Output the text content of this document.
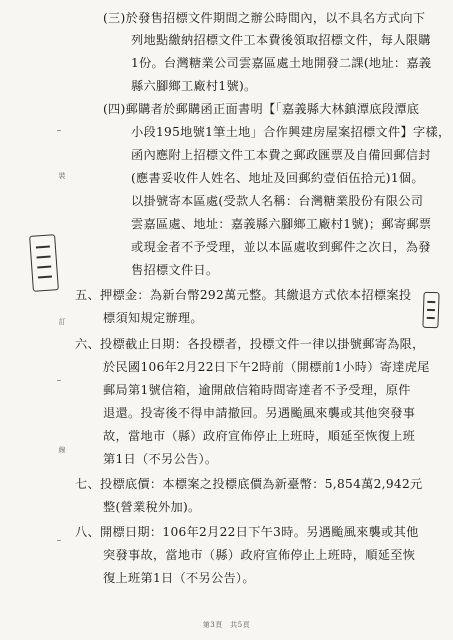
(三)於發售招標文件期間之辦公時間內，以不具名方式向下
列地點繳納招標文件工本費後領取招標文件，每人限購
1份。台灣糖業公司雲嘉區處土地開發二課(地址：嘉義
縣六腳鄉工廠村1號)。
(四)郵購者於郵購函正面書明【「嘉義縣大林鎮潭底段潭底
小段195地號1筆土地」合作興建房屋案招標文件】字樣，
函內應附上招標文件工本費之郵政匯票及自備回郵信封
(應書妥收件人姓名、地址及回郵約壹佰伍拾元)1個。
以掛號寄本區處(受款人名稱：台灣糖業股份有限公司
雲嘉區處、地址：嘉義縣六腳鄉工廠村1號)；郵寄郵票
或現金者不予受理，並以本區處收到郵件之次日，為發
售招標文件日。
五、押標金：為新台幣292萬元整。其繳退方式依本招標案投
標須知規定辦理。
六、投標截止日期：各投標者，投標文件一律以掛號郵寄為限，
於民國106年2月22日下午2時前（開標前1小時）寄達虎尾
郵局第1號信箱，逾開啟信箱時間寄達者不予受理，原件
退還。投寄後不得申請撤回。另遇颱風來襲或其他突發事
故，當地市（縣）政府宣佈停止上班時，順延至恢復上班
第1日（不另公告）。
七、投標底價：本標案之投標底價為新臺幣：5,854萬2,942元
整(營業稅外加)。
八、開標日期：106年2月22日下午3時。另遇颱風來襲或其他
突發事故，當地市（縣）政府宣佈停止上班時，順延至恢
復上班第1日（不另公告）。
第3頁　共5頁
裝
訂
線
